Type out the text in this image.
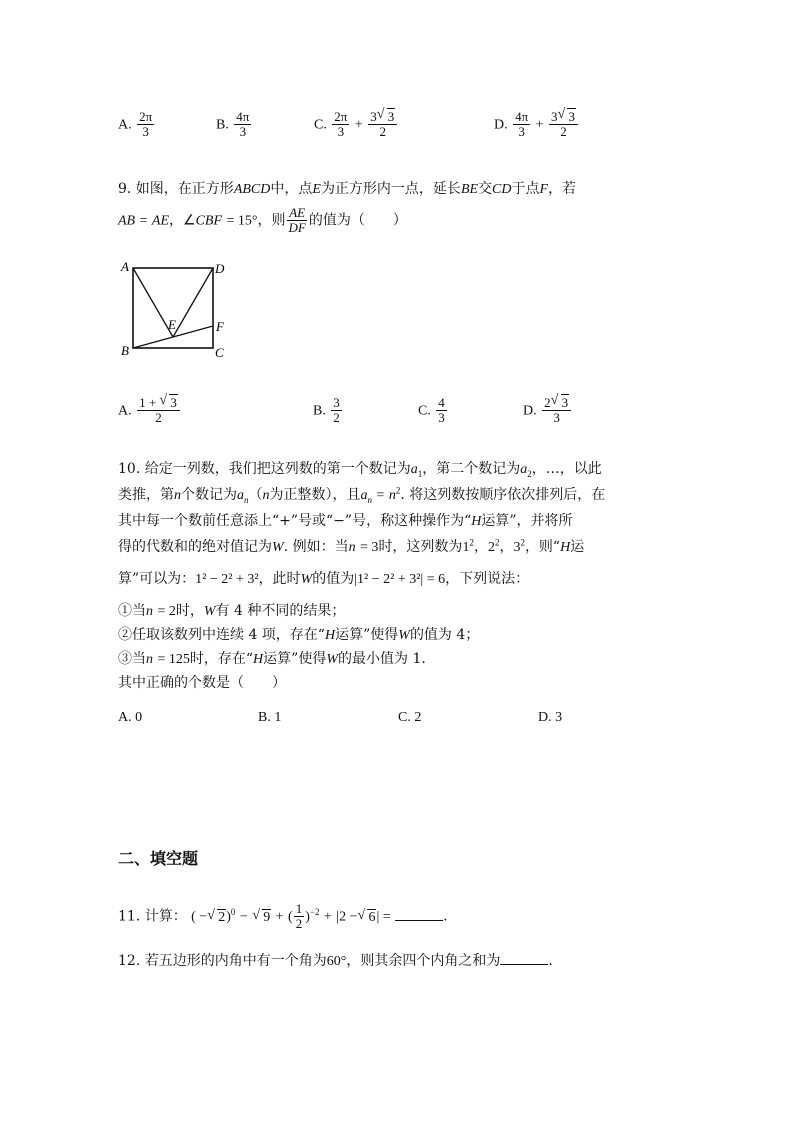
A. $\frac{2\pi}{3}$	B. $\frac{4\pi}{3}$	C. $\frac{2\pi}{3} + \frac{3 √ 3}{2}$	D. $\frac{4\pi}{3} + \frac{3 √ 3}{2}$
9. 如图，在正方形ABCD中，点E为正方形内一点，延长BE交CD于点F，若
AB = AE，∠CBF = 15°，则 $\frac{AE}{DF}$ 的值为（　　）
A	D
E	F
B	C
A. $\frac{1 + √ 3}{2}$	B. $\frac{3}{2}$	C. $\frac{4}{3}$	D. $\frac{2 √ 3}{3}$
10. 给定一列数，我们把这列数的第一个数记为$a_1$，第二个数记为$a_2$，…，以此
类推，第n个数记为$a_n(n$为正整数），且$a_n = n^2$. 将这列数按顺序依次排列后，在
其中每一个数前任意添上“+”号或“−”号，称这种操作为“H运算”，并将所
得的代数和的绝对值记为W. 例如：当n = 3时，这列数为$1^2$，$2^2$，$3^2$，则“H运
算”可以为：1² − 2² + 3²，此时W的值为|1² − 2² + 3²| = 6，下列说法：
①当n = 2时，W有 4 种不同的结果；
②任取该数列中连续 4 项，存在“H运算”使得W的值为 4；
③当n = 125时，存在“H运算”使得W的最小值为 1.
其中正确的个数是（　　）
A. 0	B. 1	C. 2	D. 3
二、填空题
11. 计算： ( − √ 2)$^0$ − √ 9 + ( $\frac{1}{2} )^{-2} + |2$ − √ 6| =	.
12. 若五边形的内角中有一个角为60°，则其余四个内角之和为	.
